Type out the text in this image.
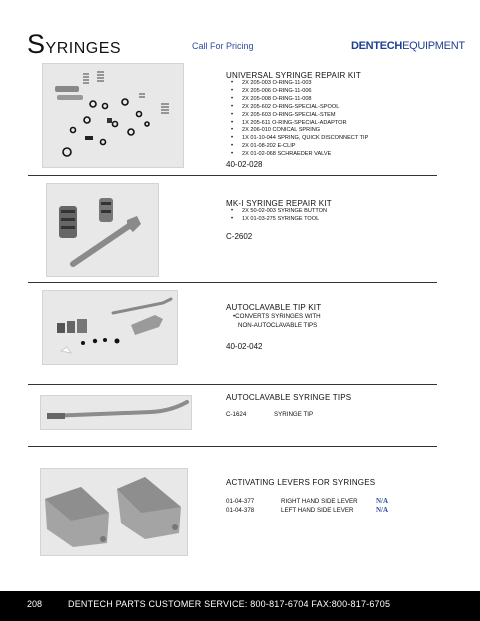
SYRINGES	Call For Pricing	DENTECHEQUIPMENT
UNIVERSAL SYRINGE REPAIR KIT
• 2X 205-003 O-RING-11-003
• 2X 205-006 O-RING-11-006
• 2X 205-008 O-RING-11-008
• 2X 205-602 O-RING-SPECIAL-SPOOL
• 2X 205-603 O-RING-SPECIAL-STEM
• 1X 205-611 O-RING-SPECIAL-ADAPTOR
• 2X 206-010 CONICAL SPRING
• 1X 01-10-044 SPRING, QUICK DISCONNECT TIP
• 2X 01-08-202 E-CLIP
• 2X 01-02-068 SCHRAEDER VALVE
40-02-028
MK-I SYRINGE REPAIR KIT
• 2X 50-02-003 SYRINGE BUTTON
• 1X 01-03-275 SYRINGE TOOL
C-2602
AUTOCLAVABLE TIP KIT
•CONVERTS SYRINGES WITH
NON-AUTOCLAVABLE TIPS
40-02-042
AUTOCLAVABLE SYRINGE TIPS
C-1624	SYRINGE TIP
ACTIVATING LEVERS FOR SYRINGES
01-04-377	RIGHT HAND SIDE LEVER	N/A
01-04-378	LEFT HAND SIDE LEVER	N/A
208	DENTECH PARTS CUSTOMER SERVICE: 800-817-6704 FAX:800-817-6705
